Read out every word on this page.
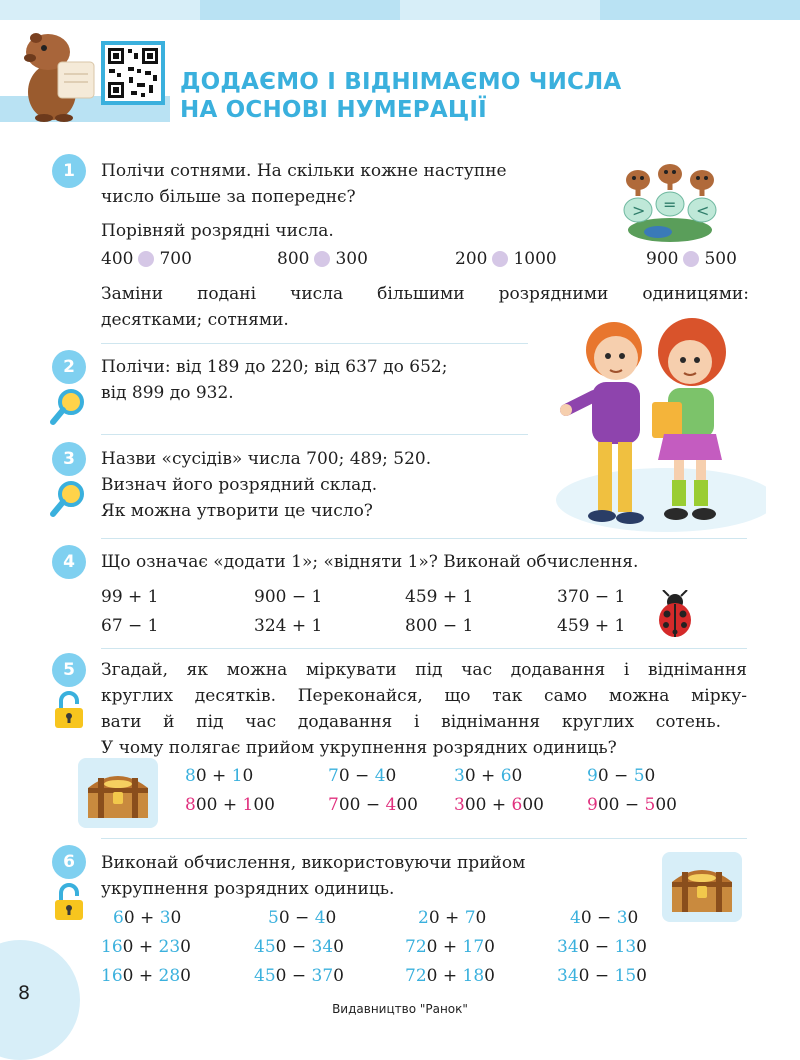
ДОДАЄМО І ВІДНІМАЄМО ЧИСЛА
НА ОСНОВІ НУМЕРАЦІЇ
1	Полічи сотнями. На скільки кожне наступне
число більше за попереднє?
Порівняй розрядні числа.
> = <
400 700	800 300	200 1000	900 500
Заміни подані числа більшими розрядними одиницями:
десятками; сотнями.
2	Полічи: від 189 до 220; від 637 до 652;
від 899 до 932.
3	Назви «сусідів» числа 700; 489; 520.
Визнач його розрядний склад.
Як можна утворити це число?
4	Що означає «додати 1»; «відняти 1»? Виконай обчислення.
99 + 1	900 − 1	459 + 1	370 − 1
67 − 1	324 + 1	800 − 1	459 + 1
5	Згадай, як можна міркувати під час додавання і віднімання
круглих десятків. Переконайся, що так само можна мірку-
вати й під час додавання і віднімання круглих сотень.
У чому полягає прийом укрупнення розрядних одиниць?
80 + 10	70 − 40	30 + 60	90 − 50
800 + 100	700 − 400 300 + 600	900 − 500
6	Виконай обчислення, використовуючи прийом
укрупнення розрядних одиниць.
60 + 30	50 − 40	20 + 70	40 − 30
160 + 230	450 − 340	720 + 170	340 − 130
160 + 280	450 − 370	720 + 180	340 − 150
8
Видавництво "Ранок"
